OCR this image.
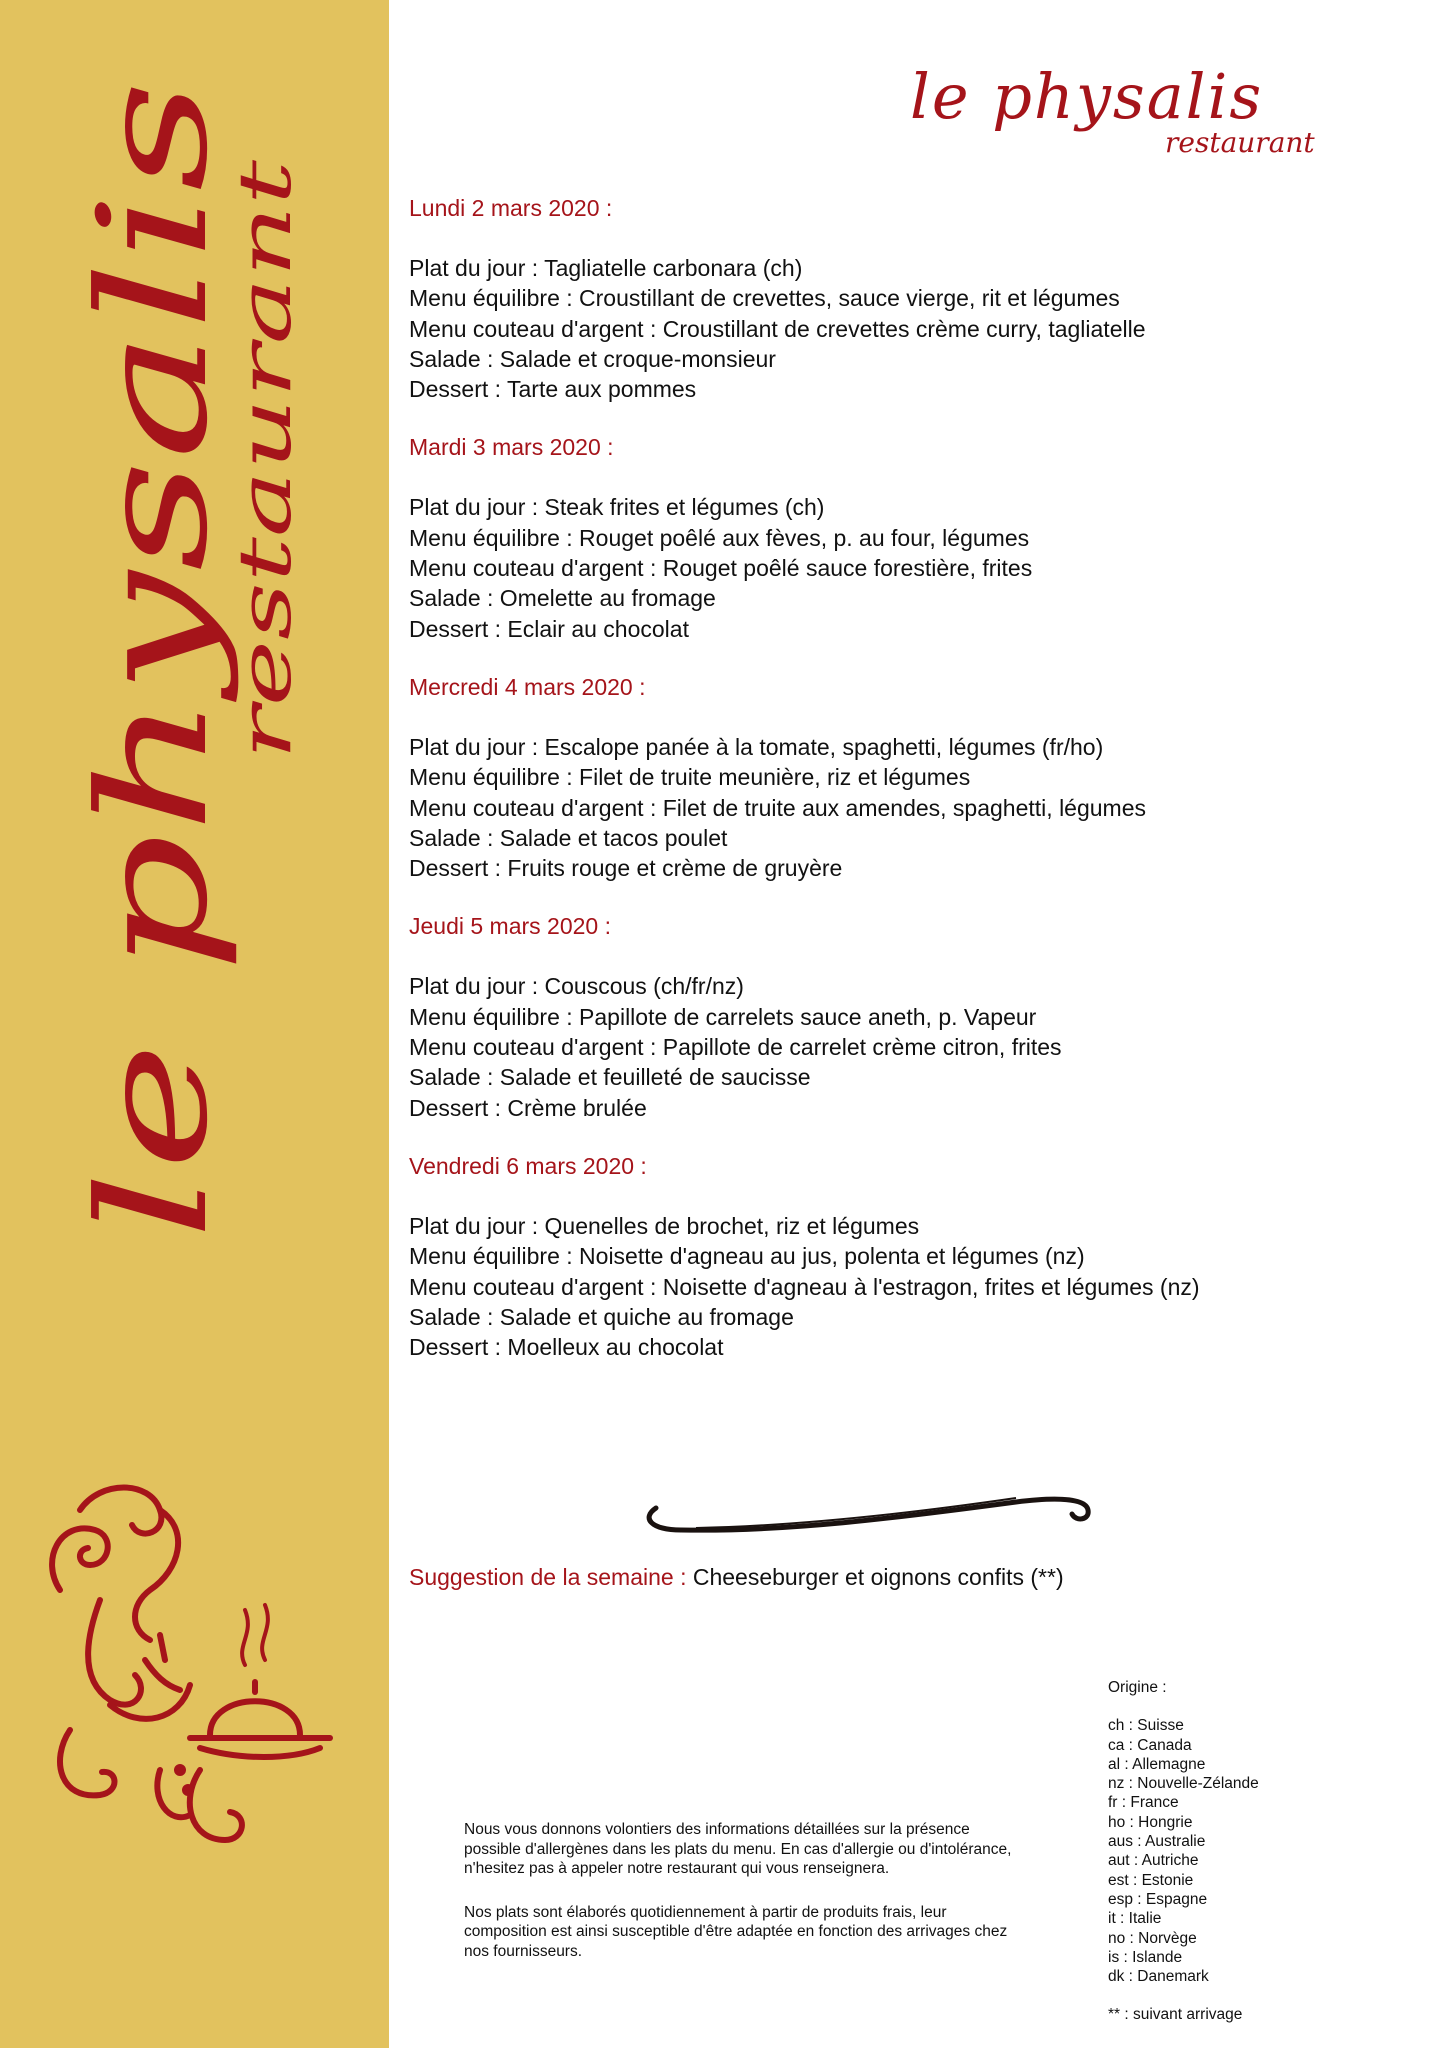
le physalis
restaurant
le physalis
restaurant
Lundi 2 mars 2020 :
Plat du jour : Tagliatelle carbonara (ch)
Menu équilibre : Croustillant de crevettes, sauce vierge, rit et légumes
Menu couteau d'argent : Croustillant de crevettes crème curry, tagliatelle
Salade : Salade et croque-monsieur
Dessert : Tarte aux pommes
Mardi 3 mars 2020 :
Plat du jour : Steak frites et légumes (ch)
Menu équilibre : Rouget poêlé aux fèves, p. au four, légumes
Menu couteau d'argent : Rouget poêlé sauce forestière, frites
Salade : Omelette au fromage
Dessert : Eclair au chocolat
Mercredi 4 mars 2020 :
Plat du jour : Escalope panée à la tomate, spaghetti, légumes (fr/ho)
Menu équilibre : Filet de truite meunière, riz et légumes
Menu couteau d'argent : Filet de truite aux amendes, spaghetti, légumes
Salade : Salade et tacos poulet
Dessert : Fruits rouge et crème de gruyère
Jeudi 5 mars 2020 :
Plat du jour : Couscous (ch/fr/nz)
Menu équilibre : Papillote de carrelets sauce aneth, p. Vapeur
Menu couteau d'argent : Papillote de carrelet crème citron, frites
Salade : Salade et feuilleté de saucisse
Dessert : Crème brulée
Vendredi 6 mars 2020 :
Plat du jour : Quenelles de brochet, riz et légumes
Menu équilibre : Noisette d'agneau au jus, polenta et légumes (nz)
Menu couteau d'argent : Noisette d'agneau à l'estragon, frites et légumes (nz)
Salade : Salade et quiche au fromage
Dessert : Moelleux au chocolat
Suggestion de la semaine : Cheeseburger et oignons confits (**)

Nous vous donnons volontiers des informations détaillées sur la présence possible d'allergènes dans les plats du menu. En cas d'allergie ou d'intolérance, n'hesitez pas à appeler notre restaurant qui vous renseignera.

Nos plats sont élaborés quotidiennement à partir de produits frais, leur composition est ainsi susceptible d'être adaptée en fonction des arrivages chez nos fournisseurs.

Origine :
ch : Suisse
ca : Canada
al : Allemagne
nz : Nouvelle-Zélande
fr : France
ho : Hongrie
aus : Australie
aut : Autriche
est : Estonie
esp : Espagne
it : Italie
no : Norvège
is : Islande
dk : Danemark
** : suivant arrivage
